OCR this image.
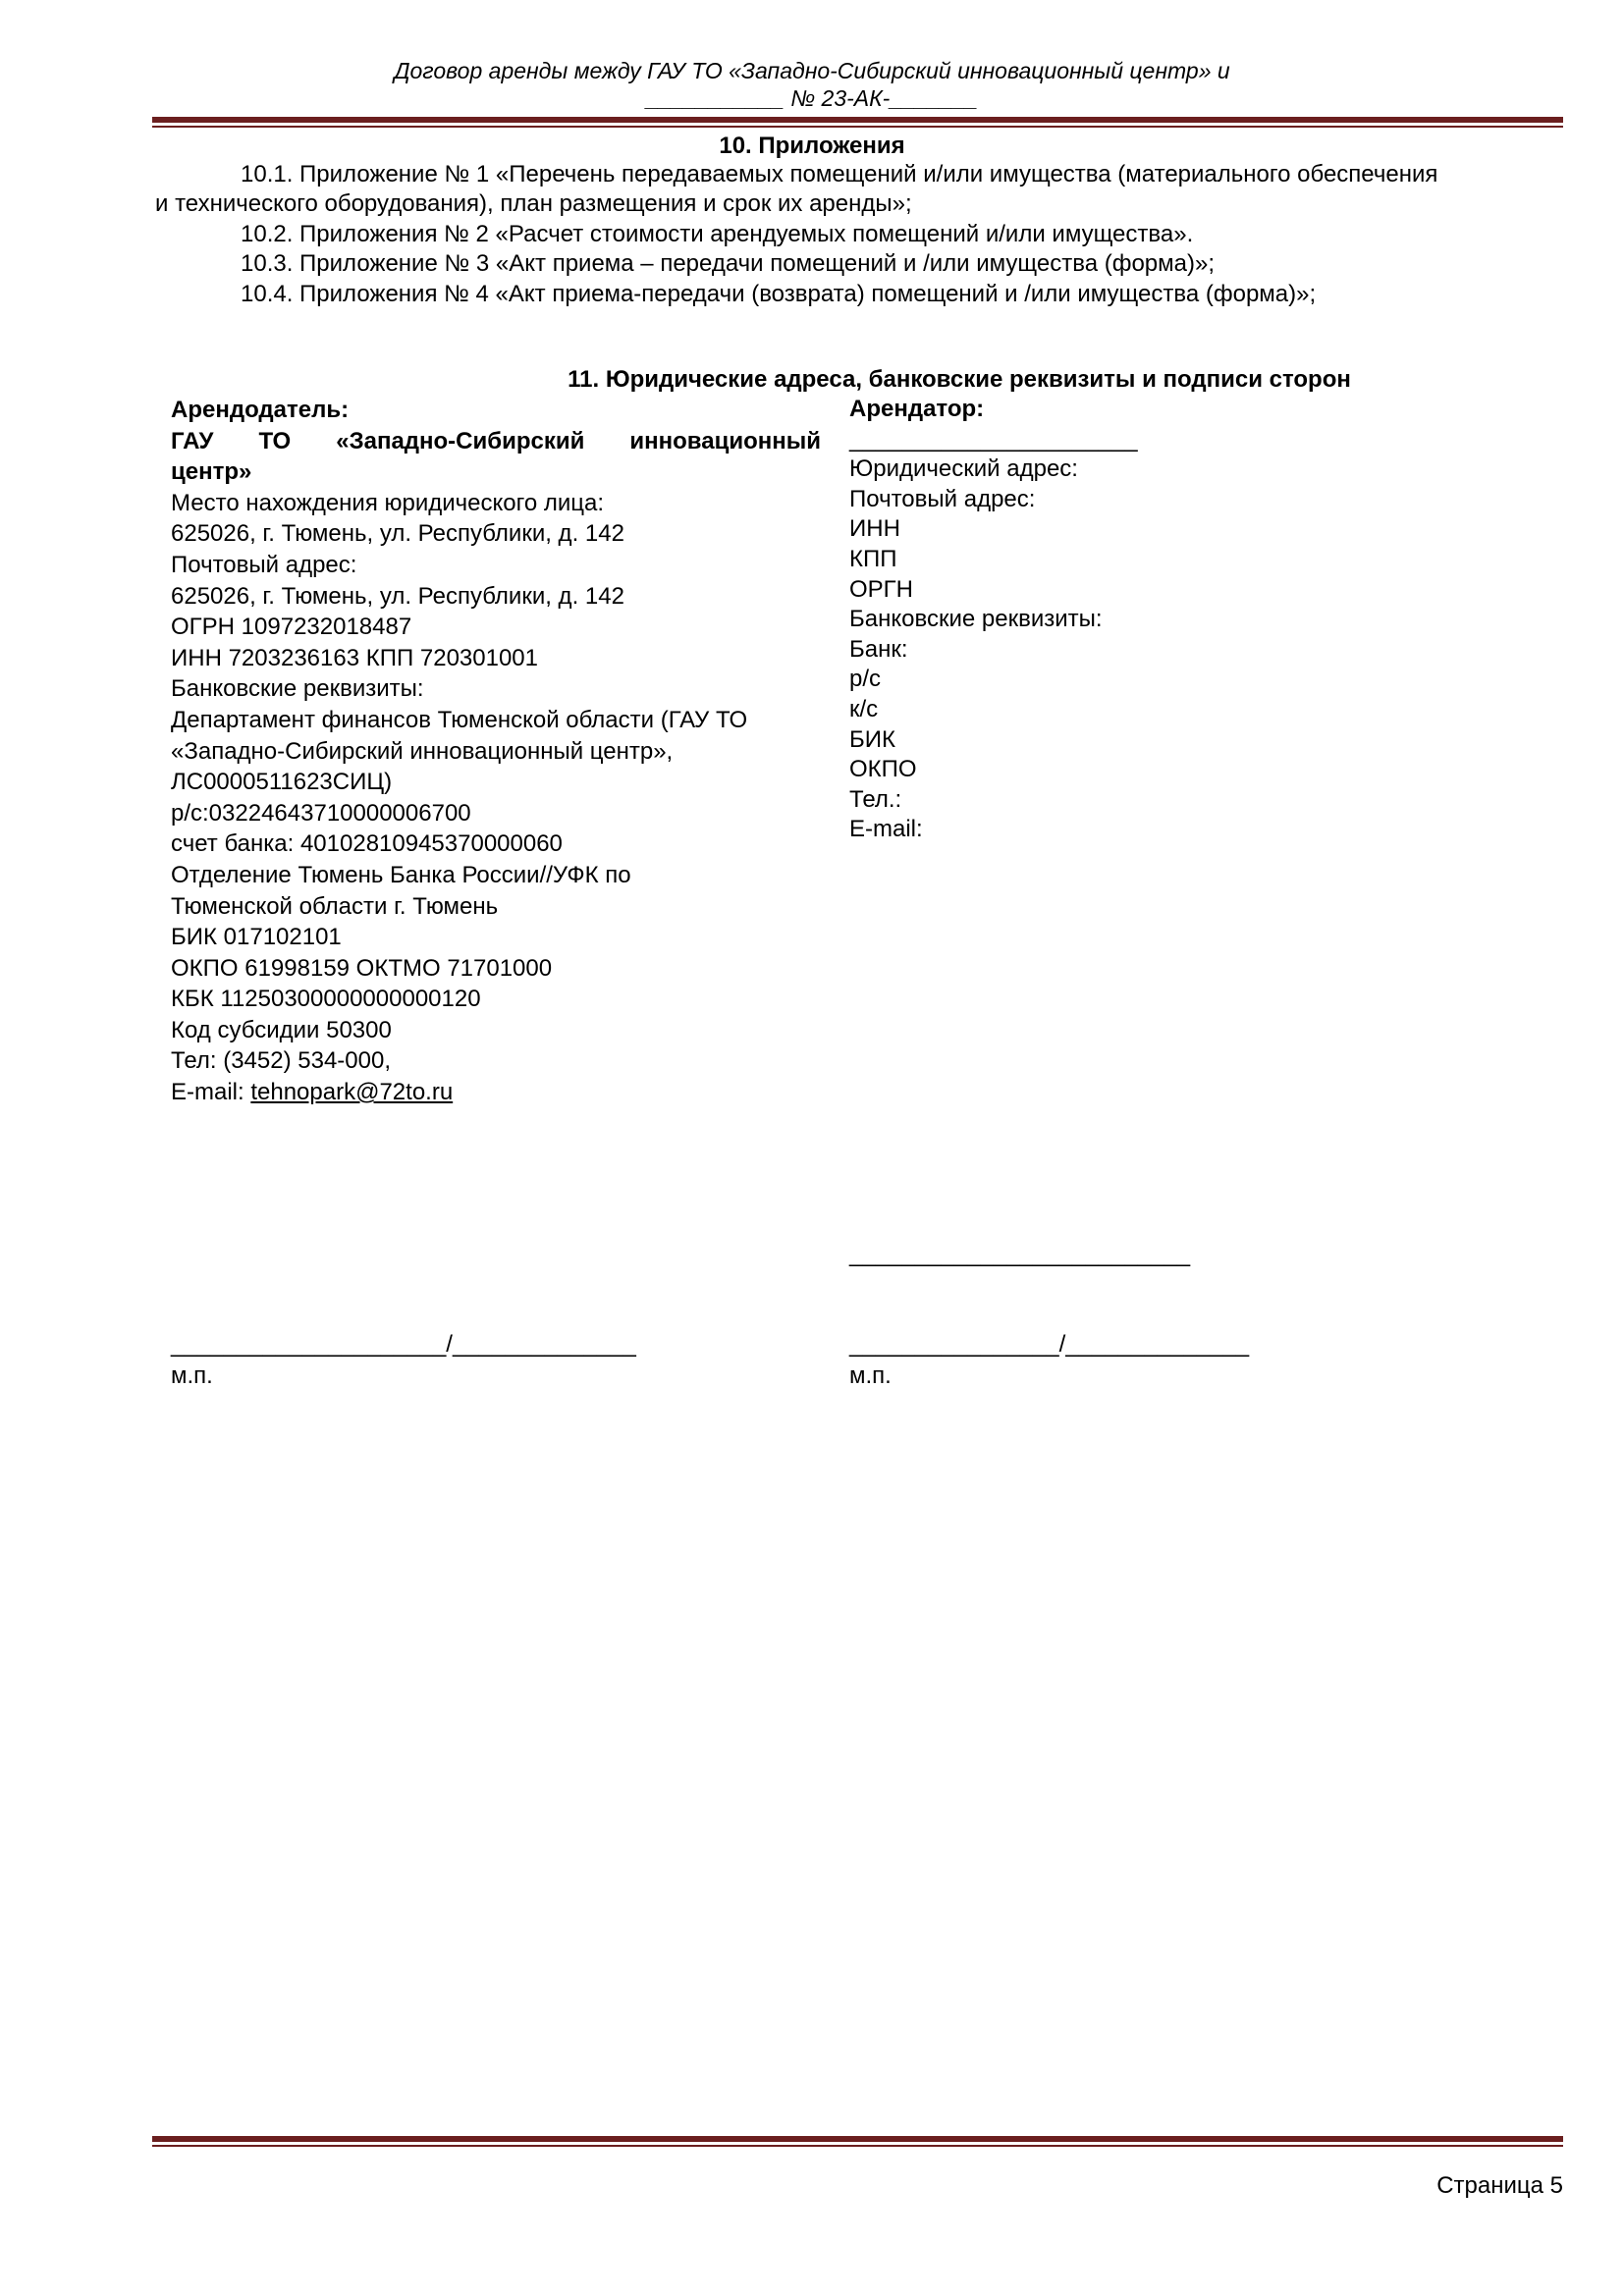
Договор аренды между ГАУ ТО «Западно-Сибирский инновационный центр» и
___________ № 23-АК-_______
10. Приложения
10.1. Приложение № 1 «Перечень передаваемых помещений и/или имущества (материального обеспечения
и технического оборудования), план размещения и срок их аренды»;
10.2. Приложения № 2 «Расчет стоимости арендуемых помещений и/или имущества».
10.3. Приложение № 3 «Акт приема – передачи помещений и /или имущества (форма)»;
10.4. Приложения № 4 «Акт приема-передачи (возврата) помещений и /или имущества (форма)»;
11. Юридические адреса, банковские реквизиты и подписи сторон
Арендодатель:
ГАУ ТО «Западно-Сибирский инновационный
центр»
Место нахождения юридического лица:
625026, г. Тюмень, ул. Республики, д. 142
Почтовый адрес:
625026, г. Тюмень, ул. Республики, д. 142
ОГРН 1097232018487
ИНН 7203236163 КПП 720301001
Банковские реквизиты:
Департамент финансов Тюменской области (ГАУ ТО
«Западно-Сибирский инновационный центр»,
ЛС0000511623СИЦ)
р/с:03224643710000006700
счет банка: 40102810945370000060
Отделение Тюмень Банка России//УФК по
Тюменской области г. Тюмень
БИК 017102101
ОКПО 61998159 ОКТМО 71701000
КБК 11250300000000000120
Код субсидии 50300
Тел: (3452) 534-000,
E-mail: tehnopark@72to.ru
Арендатор:
______________________
Юридический адрес:
Почтовый адрес:
ИНН
КПП
ОРГН
Банковские реквизиты:
Банк:
р/с
к/с
БИК
ОКПО
Тел.:
E-mail:
__________________________
_____________________/______________
м.п.
________________/______________
м.п.
Страница 5
